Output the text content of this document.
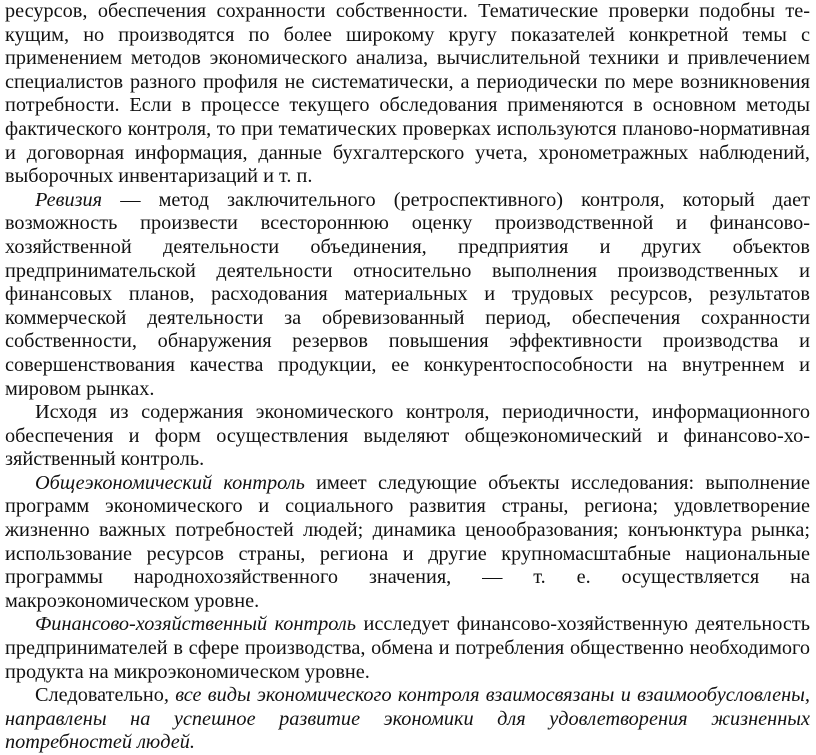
ресурсов, обеспечения сохранности собственности. Тематические проверки подобны текущим, но производятся по более широкому кругу показателей конкретной темы с применением методов экономического анализа, вычислительной техники и привлечением специалистов разного профиля не систематически, а периодически по мере возникновения потребности. Если в процессе текущего обследования применяются в основном методы фактического контроля, то при тематических проверках используются планово-нормативная и договорная информация, данные бухгалтерского учета, хронометражных наблюдений, выборочных инвентаризаций и т. п.

Ревизия — метод заключительного (ретроспективного) контроля, который дает возможность произвести всестороннюю оценку производственной и финансово-хозяйственной деятельности объединения, предприятия и других объектов предпринимательской деятельности относительно выполнения производственных и финансовых планов, расходования материальных и трудовых ресурсов, результатов коммерческой деятельности за обревизованный период, обеспечения сохранности собственности, обнаружения резервов повышения эффективности производства и совершенствования качества продукции, ее конкурентоспособности на внутреннем и мировом рынках.

Исходя из содержания экономического контроля, периодичности, информационного обеспечения и форм осуществления выделяют общеэкономический и финансово-хозяйственный контроль.

Общеэкономический контроль имеет следующие объекты исследования: выполнение программ экономического и социального развития страны, региона; удовлетворение жизненно важных потребностей людей; динамика ценообразования; конъюнктура рынка; использование ресурсов страны, региона и другие крупномасштабные национальные программы народнохозяйственного значения, — т. е. осуществляется на макроэкономическом уровне.

Финансово-хозяйственный контроль исследует финансово-хозяйственную деятельность предпринимателей в сфере производства, обмена и потребления общественно необходимого продукта на микроэкономическом уровне.

Следовательно, все виды экономического контроля взаимосвязаны и взаимообусловлены, направлены на успешное развитие экономики для удовлетворения жизненных потребностей людей.
